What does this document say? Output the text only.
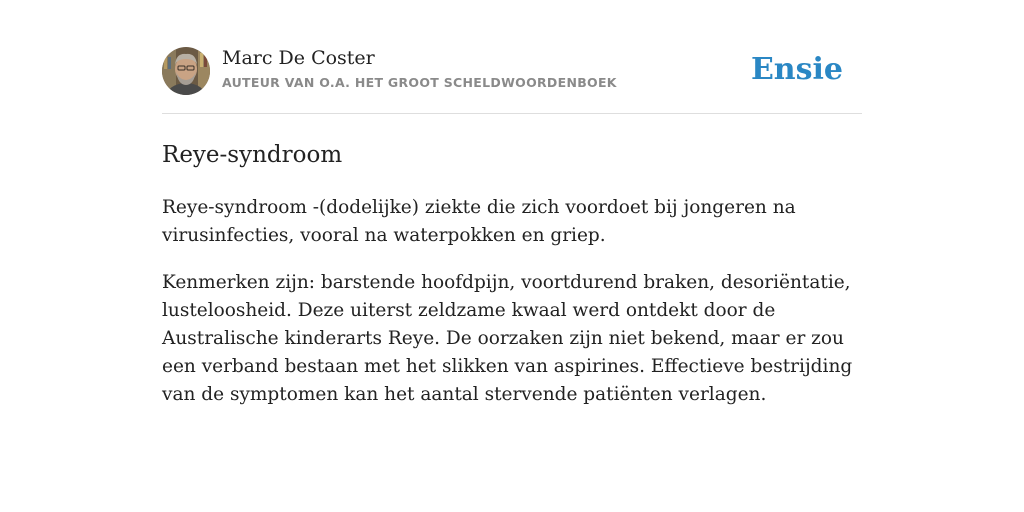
Marc De Coster
AUTEUR VAN O.A. HET GROOT SCHELDWOORDENBOEK	Ensie
Reye-syndroom

Reye-syndroom -(dodelijke) ziekte die zich voordoet bij jongeren na virusinfecties, vooral na waterpokken en griep.

Kenmerken zijn: barstende hoofdpijn, voortdurend braken, desoriëntatie, lusteloosheid. Deze uiterst zeldzame kwaal werd ontdekt door de Australische kinderarts Reye. De oorzaken zijn niet bekend, maar er zou een verband bestaan met het slikken van aspirines. Effectieve bestrijding van de symptomen kan het aantal stervende patiënten verlagen.
